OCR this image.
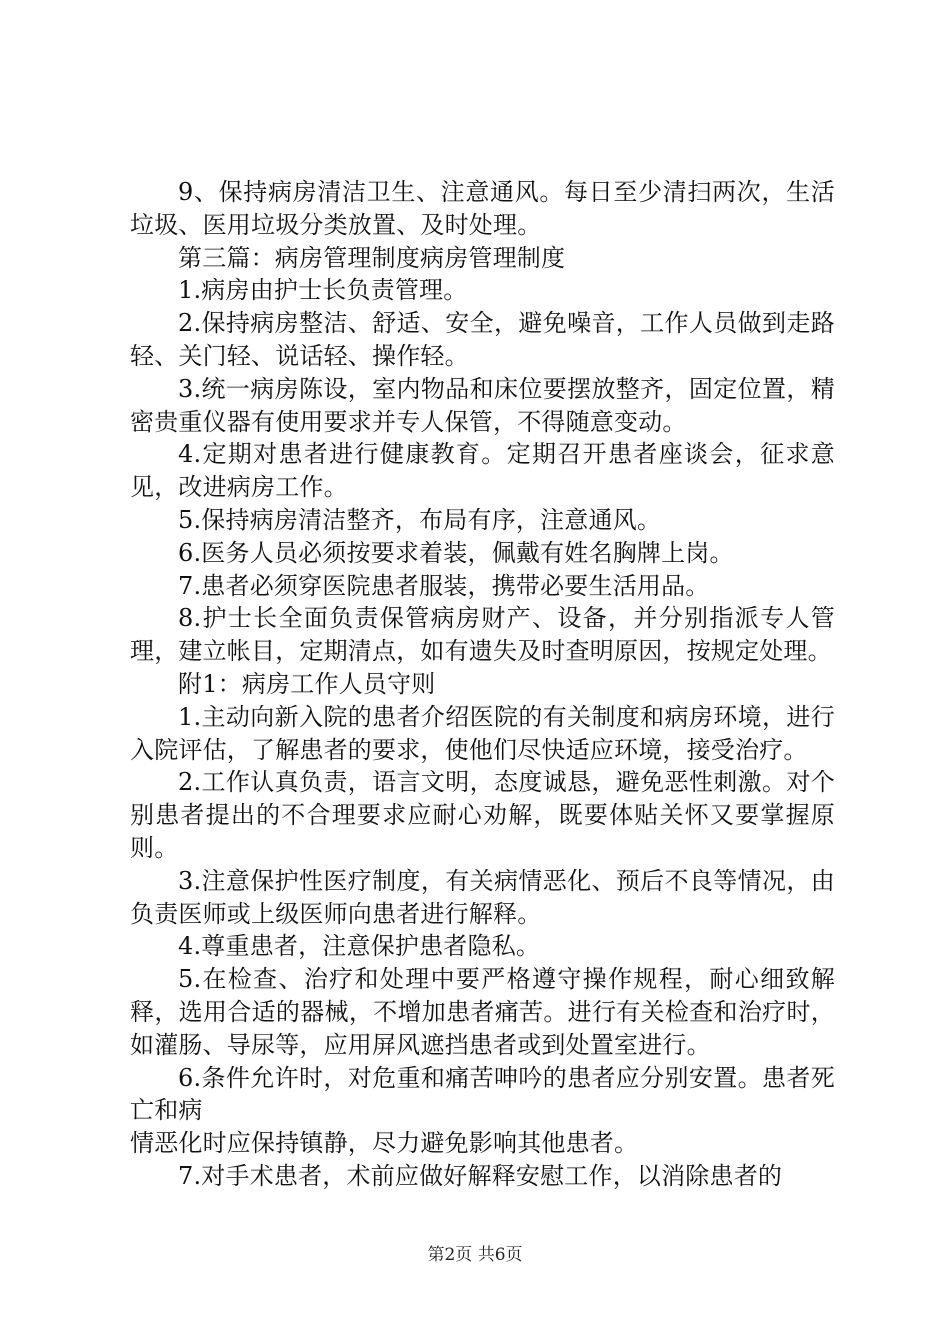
9、保持病房清洁卫生、注意通风。每日至少清扫两次，生活垃圾、医用垃圾分类放置、及时处理。

第三篇：病房管理制度病房管理制度

1.病房由护士长负责管理。

2.保持病房整洁、舒适、安全，避免噪音，工作人员做到走路轻、关门轻、说话轻、操作轻。

3.统一病房陈设，室内物品和床位要摆放整齐，固定位置，精密贵重仪器有使用要求并专人保管，不得随意变动。

4.定期对患者进行健康教育。定期召开患者座谈会，征求意见，改进病房工作。

5.保持病房清洁整齐，布局有序，注意通风。

6.医务人员必须按要求着装，佩戴有姓名胸牌上岗。

7.患者必须穿医院患者服装，携带必要生活用品。

8.护士长全面负责保管病房财产、设备，并分别指派专人管理，建立帐目，定期清点，如有遗失及时查明原因，按规定处理。

附1：病房工作人员守则

1.主动向新入院的患者介绍医院的有关制度和病房环境，进行入院评估，了解患者的要求，使他们尽快适应环境，接受治疗。

2.工作认真负责，语言文明，态度诚恳，避免恶性刺激。对个别患者提出的不合理要求应耐心劝解，既要体贴关怀又要掌握原则。

3.注意保护性医疗制度，有关病情恶化、预后不良等情况，由负责医师或上级医师向患者进行解释。

4.尊重患者，注意保护患者隐私。

5.在检查、治疗和处理中要严格遵守操作规程，耐心细致解释，选用合适的器械，不增加患者痛苦。进行有关检查和治疗时，如灌肠、导尿等，应用屏风遮挡患者或到处置室进行。

6.条件允许时，对危重和痛苦呻吟的患者应分别安置。患者死亡和病

情恶化时应保持镇静，尽力避免影响其他患者。

7.对手术患者，术前应做好解释安慰工作，以消除患者的

第2页 共6页
